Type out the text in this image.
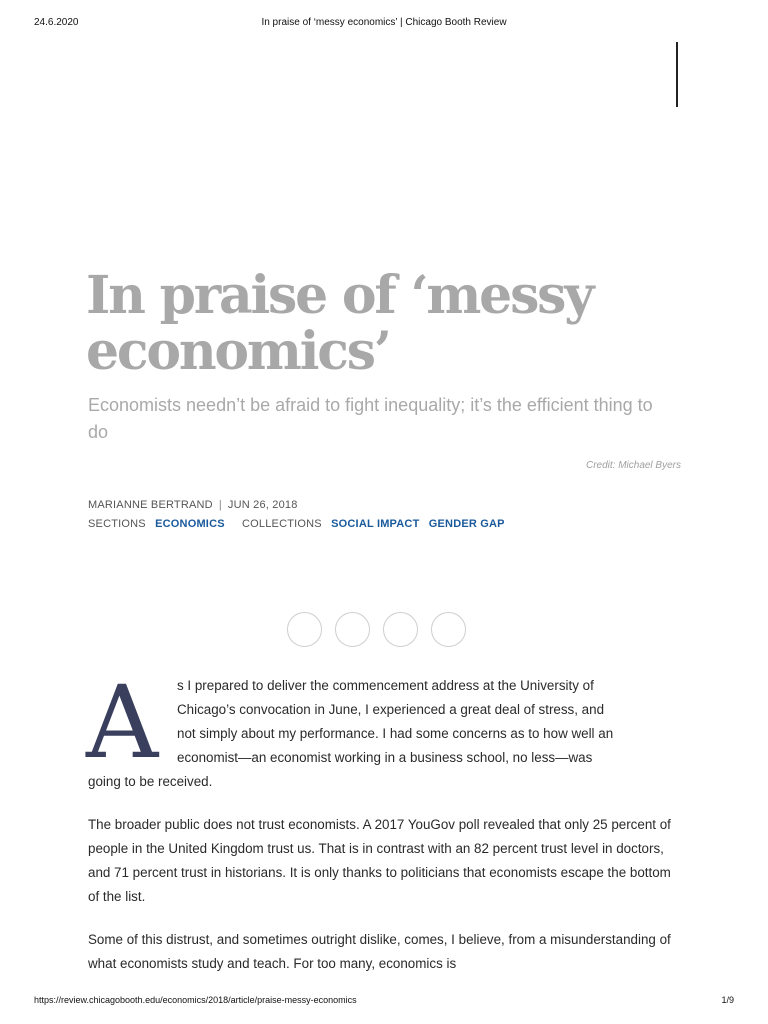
24.6.2020	In praise of ‘messy economics’ | Chicago Booth Review
In praise of ‘messy economics’

Economists needn’t be afraid to fight inequality; it’s the efficient thing to do

Credit: Michael Byers
MARIANNE BERTRAND | JUN 26, 2018
SECTIONS ECONOMICS COLLECTIONS SOCIAL IMPACT GENDER GAP
A s I prepared to deliver the commencement address at the University of
Chicago’s convocation in June, I experienced a great deal of stress, and
not simply about my performance. I had some concerns as to how well an
economist—an economist working in a business school, no less—was
going to be received.

The broader public does not trust economists. A 2017 YouGov poll revealed that only 25 percent of people in the United Kingdom trust us. That is in contrast with an 82 percent trust level in doctors, and 71 percent trust in historians. It is only thanks to politicians that economists escape the bottom of the list.

Some of this distrust, and sometimes outright dislike, comes, I believe, from a misunderstanding of what economists study and teach. For too many, economics is

https://review.chicagobooth.edu/economics/2018/article/praise-messy-economics	1/9
